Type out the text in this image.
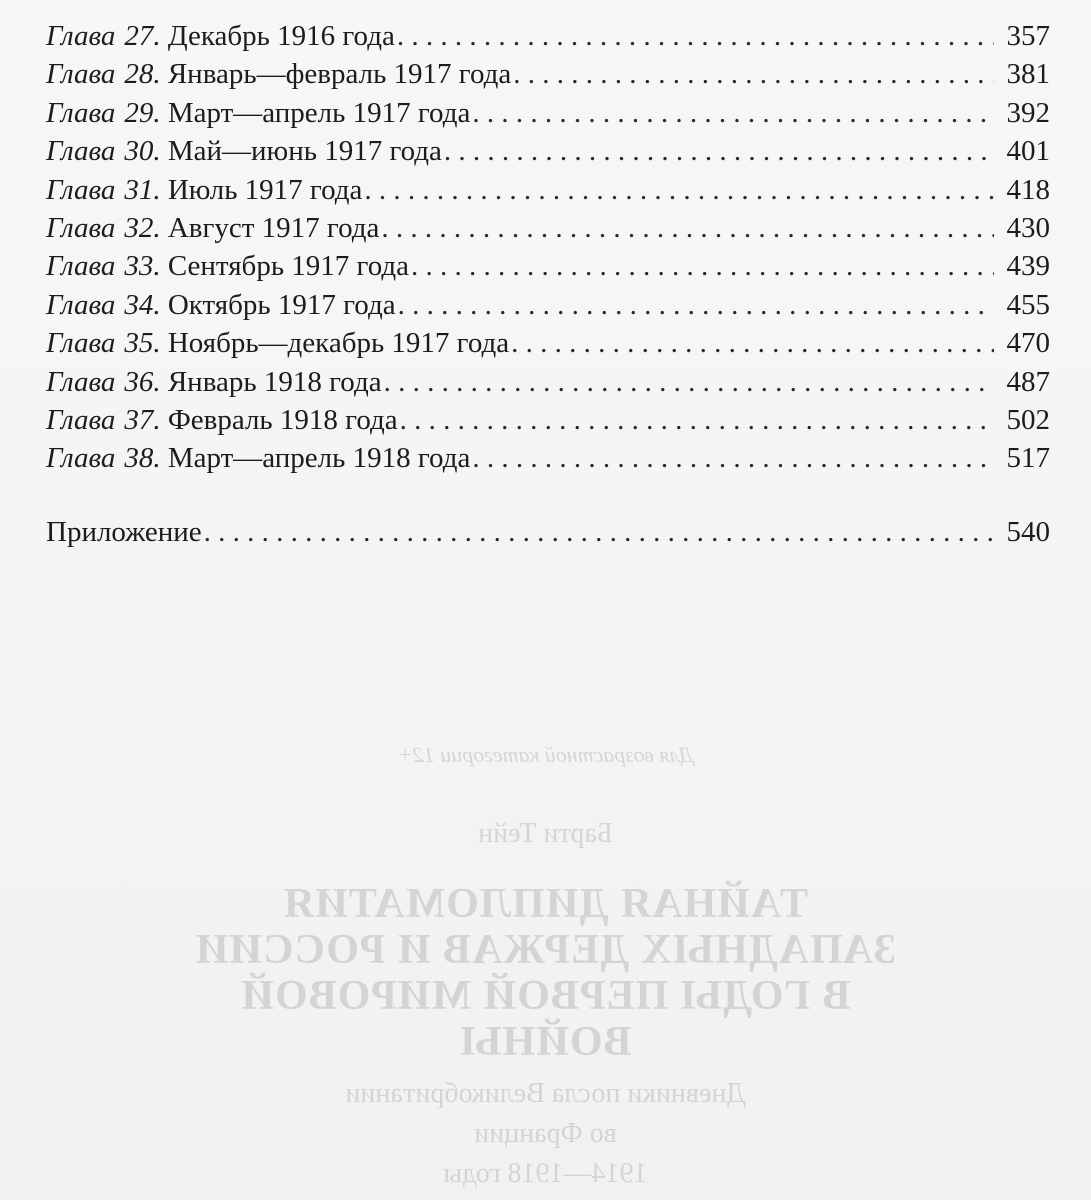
Глава 27. Декабрь 1916 года . . .	357
Глава 28. Январь—февраль 1917 года . . .	381
Глава 29. Март—апрель 1917 года . . .	392
Глава 30. Май—июнь 1917 года . . .	401
Глава 31. Июль 1917 года . . .	418
Глава 32. Август 1917 года . . .	430
Глава 33. Сентябрь 1917 года . . .	439
Глава 34. Октябрь 1917 года . . .	455
Глава 35. Ноябрь—декабрь 1917 года . . .	470
Глава 36. Январь 1918 года . . .	487
Глава 37. Февраль 1918 года . . .	502
Глава 38. Март—апрель 1918 года . . .	517
Приложение . . .	540
Для возрастной категории 12+
Барти Тейн
ТАЙНАЯ ДИПЛОМАТИЯ
ЗАПАДНЫХ ДЕРЖАВ И РОССИИ
В ГОДЫ ПЕРВОЙ МИРОВОЙ
ВОЙНЫ
Дневники посла Великобритании
во Франции
1914—1918 годы
